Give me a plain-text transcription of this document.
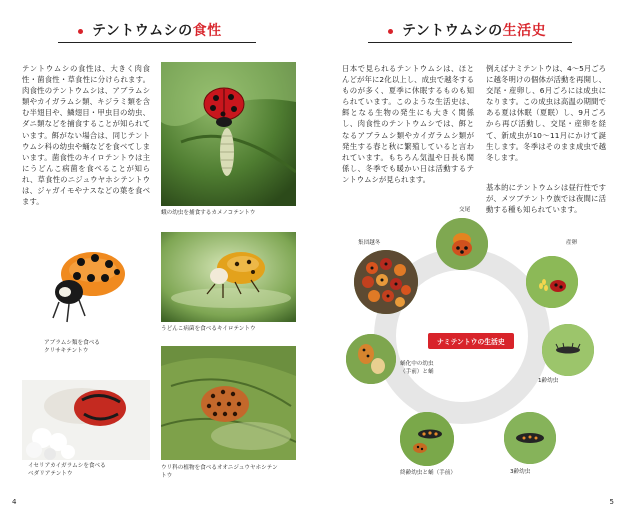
テントウムシの食性
テントウムシの食性は、大きく肉食性・菌食性・草食性に分けられます。肉食性のテントウムシは、アブラムシ類やカイガラムシ類、キジラミ類を含む半翅目や、鱗翅目・甲虫目の幼虫、ダニ類などを捕食することが知られています。餌がない場合は、同じテントウムシ科の幼虫や蛹などを食べてしまいます。菌食性のキイロテントウは主にうどんこ病菌を食べることが知られ、草食性のニジュウヤホシテントウは、ジャガイモやナスなどの葉を食べます。
蛾の幼虫を捕食するカメノコテントウ
アブラムシ類を食べる
クリサキテントウ
うどんこ病菌を食べるキイロテントウ
イセリアカイガラムシを食べる
ベダリアテントウ
ウリ科の植物を食べるオオニジュウヤホシテン
トウ
4
テントウムシの生活史
日本で見られるテントウムシは、ほとんどが年に2化以上し、成虫で越冬するものが多く、夏季に休眠するものも知られています。このような生活史は、餌となる生物の発生にも大きく関係し、肉食性のテントウムシでは、餌となるアブラムシ類やカイガラムシ類が発生する春と秋に繁殖していると言われています。もちろん気温や日長も関係し、冬季でも暖かい日は活動するテントウムシが見られます。
例えばナミテントウは、4～5月ごろに越冬明けの個体が活動を再開し、交尾・産卵し、6月ごろには成虫になります。この成虫は高温の期間である夏は休眠（夏眠）し、9月ごろから再び活動し、交尾・産卵を経て、新成虫が10～11月にかけて誕生します。冬季はそのまま成虫で越冬します。
基本的にテントウムシは昼行性ですが、メツブテントウ族では夜間に活動する種も知られています。
ナミテントウの生活史
交尾
産卵
1齢幼虫
3齢幼虫
終齢幼虫と蛹（手前）
蛹化中の幼虫
（手前）と蛹
集団越冬
5
